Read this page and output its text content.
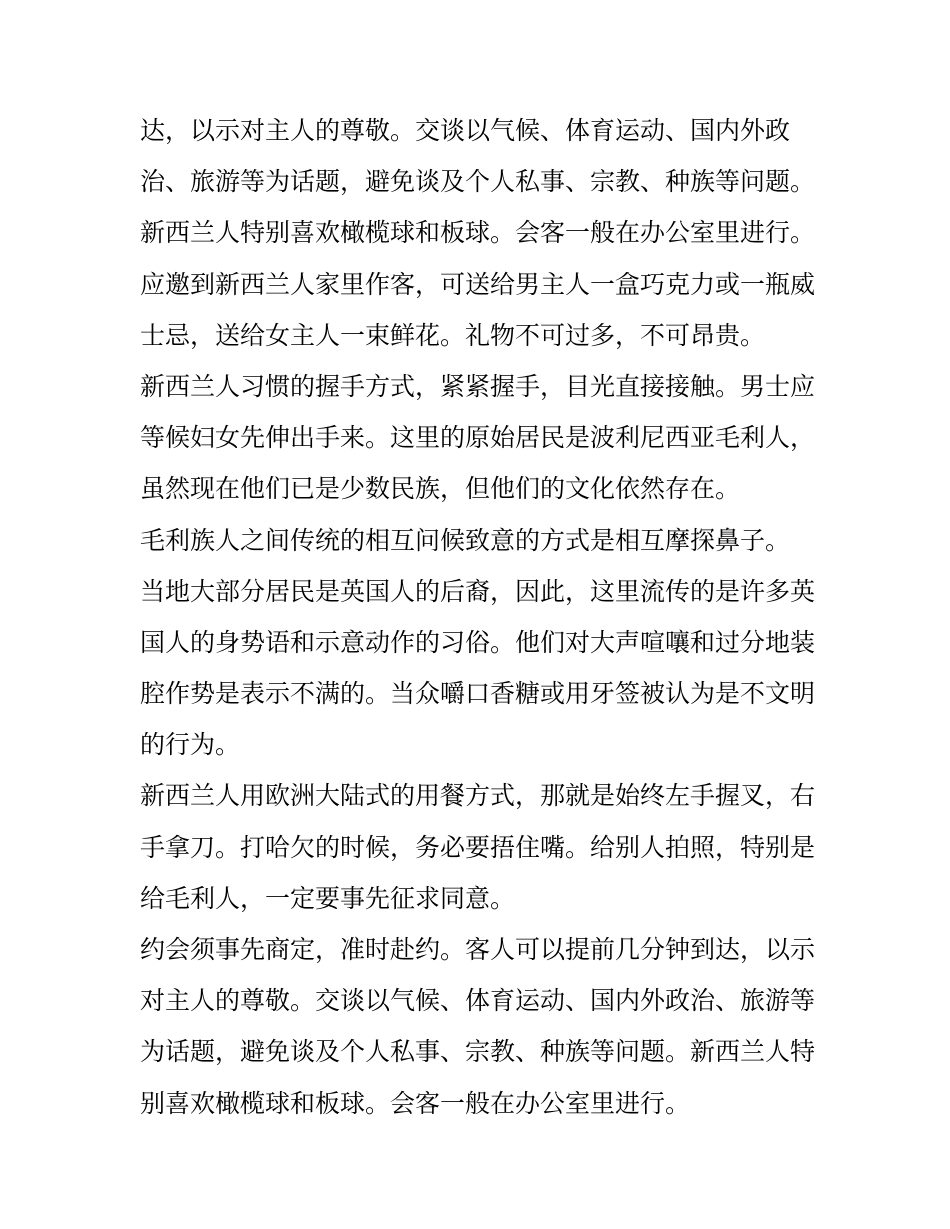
达，以示对主人的尊敬。交谈以气候、体育运动、国内外政
治、旅游等为话题，避免谈及个人私事、宗教、种族等问题。
新西兰人特别喜欢橄榄球和板球。会客一般在办公室里进行。
应邀到新西兰人家里作客，可送给男主人一盒巧克力或一瓶威
士忌，送给女主人一束鲜花。礼物不可过多，不可昂贵。
新西兰人习惯的握手方式，紧紧握手，目光直接接触。男士应
等候妇女先伸出手来。这里的原始居民是波利尼西亚毛利人，
虽然现在他们已是少数民族，但他们的文化依然存在。
毛利族人之间传统的相互问候致意的方式是相互摩探鼻子。
当地大部分居民是英国人的后裔，因此，这里流传的是许多英
国人的身势语和示意动作的习俗。他们对大声喧嚷和过分地装
腔作势是表示不满的。当众嚼口香糖或用牙签被认为是不文明
的行为。
新西兰人用欧洲大陆式的用餐方式，那就是始终左手握叉，右
手拿刀。打哈欠的时候，务必要捂住嘴。给别人拍照，特别是
给毛利人，一定要事先征求同意。
约会须事先商定，准时赴约。客人可以提前几分钟到达，以示
对主人的尊敬。交谈以气候、体育运动、国内外政治、旅游等
为话题，避免谈及个人私事、宗教、种族等问题。新西兰人特
别喜欢橄榄球和板球。会客一般在办公室里进行。
